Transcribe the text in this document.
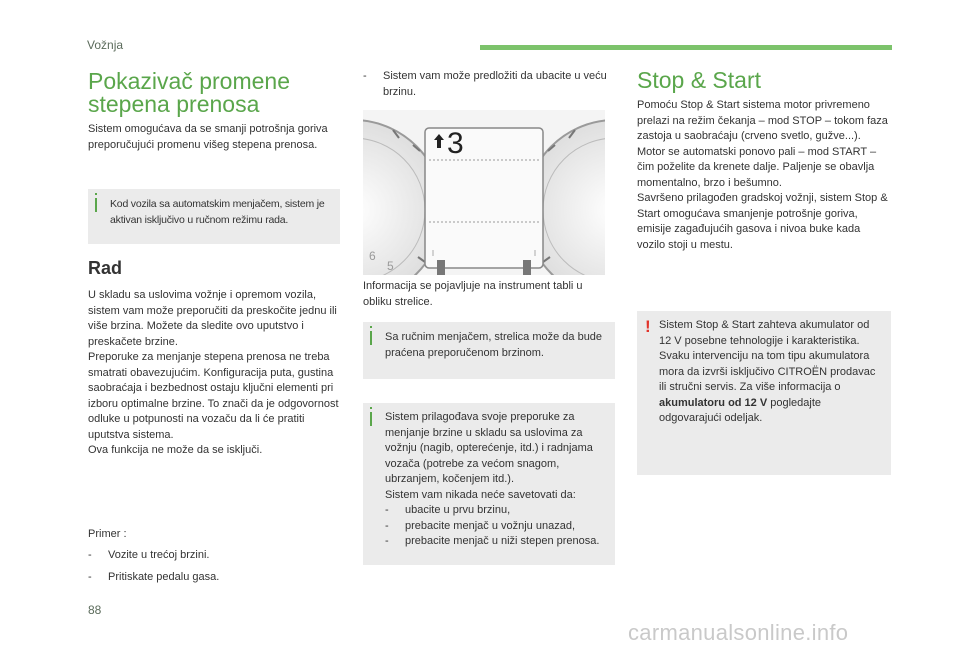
Vožnja
88
carmanualsonline.info
Pokazivač promene stepena prenosa
Sistem omogućava da se smanji potrošnja goriva preporučujući promenu višeg stepena prenosa.
Kod vozila sa automatskim menjačem, sistem je aktivan isključivo u ručnom režimu rada.
Rad
U skladu sa uslovima vožnje i opremom vozila, sistem vam može preporučiti da preskočite jednu ili više brzina. Možete da sledite ovo uputstvo i preskačete brzine.
Preporuke za menjanje stepena prenosa ne treba smatrati obavezujućim. Konfiguracija puta, gustina saobraćaja i bezbednost ostaju ključni elementi pri izboru optimalne brzine. To znači da je odgovornost odluke u potpunosti na vozaču da li će pratiti uputstva sistema.
Ova funkcija ne može da se isključi.
Primer :
-	Vozite u trećoj brzini.
-	Pritiskate pedalu gasa.
-	Sistem vam može predložiti da ubacite u veću brzinu.
6
5
3
Informacija se pojavljuje na instrument tabli u obliku strelice.
Sa ručnim menjačem, strelica može da bude praćena preporučenom brzinom.
Sistem prilagođava svoje preporuke za menjanje brzine u skladu sa uslovima za vožnju (nagib, opterećenje, itd.) i radnjama vozača (potrebe za većom snagom, ubrzanjem, kočenjem itd.).
Sistem vam nikada neće savetovati da:
-	ubacite u prvu brzinu,
-	prebacite menjač u vožnju unazad,
-	prebacite menjač u niži stepen prenosa.
Stop & Start
Pomoću Stop & Start sistema motor privremeno prelazi na režim čekanja – mod STOP – tokom faza zastoja u saobraćaju (crveno svetlo, gužve...). Motor se automatski ponovo pali – mod START – čim poželite da krenete dalje. Paljenje se obavlja momentalno, brzo i bešumno.
Savršeno prilagođen gradskoj vožnji, sistem Stop & Start omogućava smanjenje potrošnje goriva, emisije zagađujućih gasova i nivoa buke kada vozilo stoji u mestu.
! Sistem Stop & Start zahteva akumulator od 12 V posebne tehnologije i karakteristika. Svaku intervenciju na tom tipu akumulatora mora da izvrši isključivo CITROËN prodavac ili stručni servis. Za više informacija o akumulatoru od 12 V pogledajte odgovarajući odeljak.
